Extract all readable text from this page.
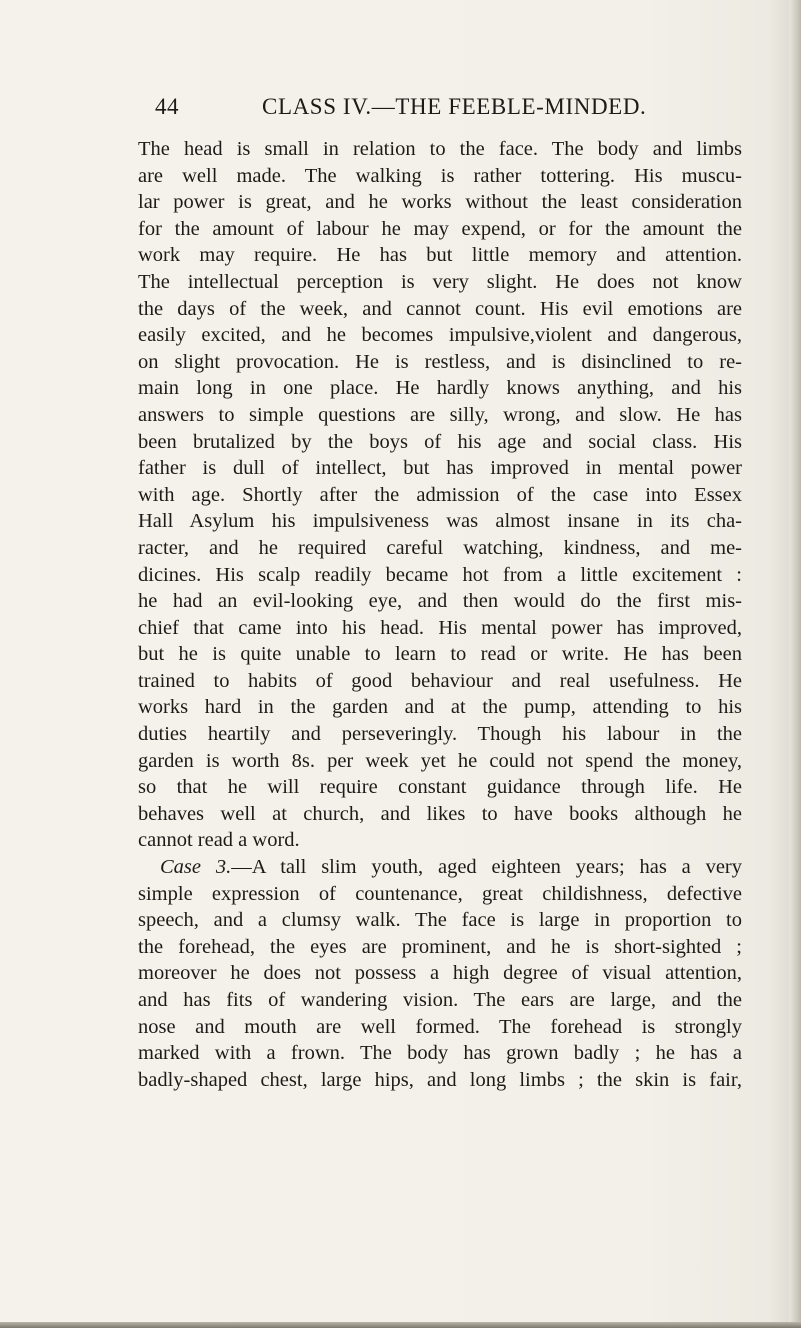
44	CLASS IV.—THE FEEBLE-MINDED.
The head is small in relation to the face. The body and limbs
are well made. The walking is rather tottering. His muscu-
lar power is great, and he works without the least consideration
for the amount of labour he may expend, or for the amount the
work may require. He has but little memory and attention.
The intellectual perception is very slight. He does not know
the days of the week, and cannot count. His evil emotions are
easily excited, and he becomes impulsive,violent and dangerous,
on slight provocation. He is restless, and is disinclined to re-
main long in one place. He hardly knows anything, and his
answers to simple questions are silly, wrong, and slow. He has
been brutalized by the boys of his age and social class. His
father is dull of intellect, but has improved in mental power
with age. Shortly after the admission of the case into Essex
Hall Asylum his impulsiveness was almost insane in its cha-
racter, and he required careful watching, kindness, and me-
dicines. His scalp readily became hot from a little excitement :
he had an evil-looking eye, and then would do the first mis-
chief that came into his head. His mental power has improved,
but he is quite unable to learn to read or write. He has been
trained to habits of good behaviour and real usefulness. He
works hard in the garden and at the pump, attending to his
duties heartily and perseveringly. Though his labour in the
garden is worth 8s. per week yet he could not spend the money,
so that he will require constant guidance through life. He
behaves well at church, and likes to have books although he
cannot read a word.
Case 3.—A tall slim youth, aged eighteen years; has a very
simple expression of countenance, great childishness, defective
speech, and a clumsy walk. The face is large in proportion to
the forehead, the eyes are prominent, and he is short-sighted ;
moreover he does not possess a high degree of visual attention,
and has fits of wandering vision. The ears are large, and the
nose and mouth are well formed. The forehead is strongly
marked with a frown. The body has grown badly ; he has a
badly-shaped chest, large hips, and long limbs ; the skin is fair,
